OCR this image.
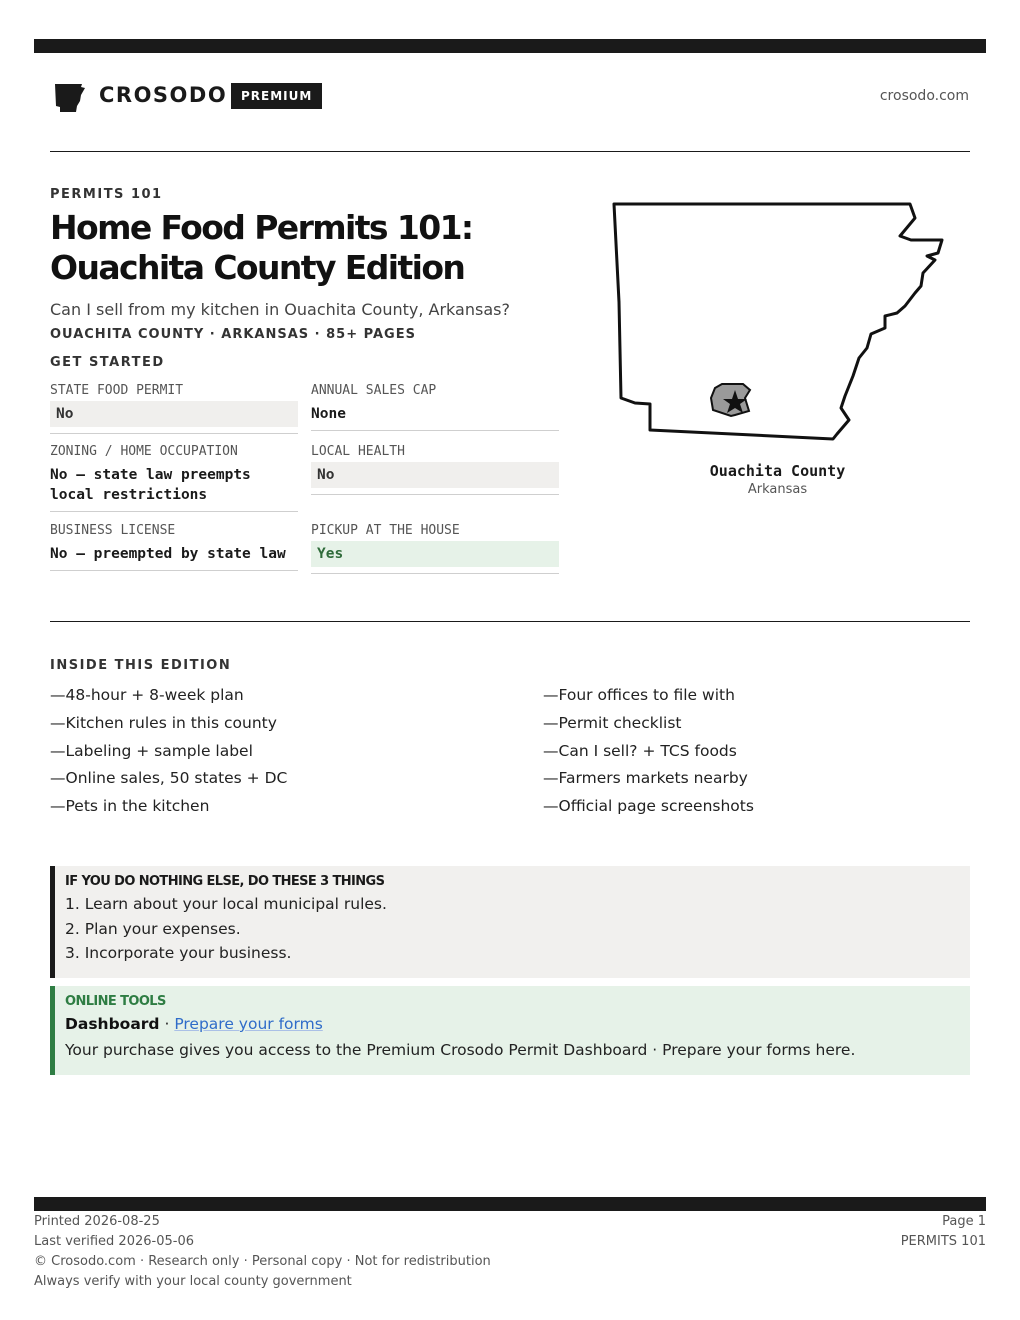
CROSODO	PREMIUM	crosodo.com
PERMITS 101
Home Food Permits 101:
Ouachita County Edition
Can I sell from my kitchen in Ouachita County, Arkansas?
OUACHITA COUNTY · ARKANSAS · 85+ PAGES
GET STARTED
STATE FOOD PERMIT
No
ANNUAL SALES CAP
None
ZONING / HOME OCCUPATION
No — state law preempts local restrictions
LOCAL HEALTH
No
BUSINESS LICENSE
No — preempted by state law
PICKUP AT THE HOUSE
Yes
Ouachita County
Arkansas
INSIDE THIS EDITION
— 48-hour + 8-week plan
— Kitchen rules in this county
— Labeling + sample label
— Online sales, 50 states + DC
— Pets in the kitchen
— Four offices to file with
— Permit checklist
— Can I sell? + TCS foods
— Farmers markets nearby
— Official page screenshots
IF YOU DO NOTHING ELSE, DO THESE 3 THINGS
1. Learn about your local municipal rules.
2. Plan your expenses.
3. Incorporate your business.
ONLINE TOOLS
Dashboard · Prepare your forms
Your purchase gives you access to the Premium Crosodo Permit Dashboard · Prepare your forms here.
Printed 2026-08-25
Last verified 2026-05-06
© Crosodo.com · Research only · Personal copy · Not for redistribution
Always verify with your local county government
Page 1
PERMITS 101
